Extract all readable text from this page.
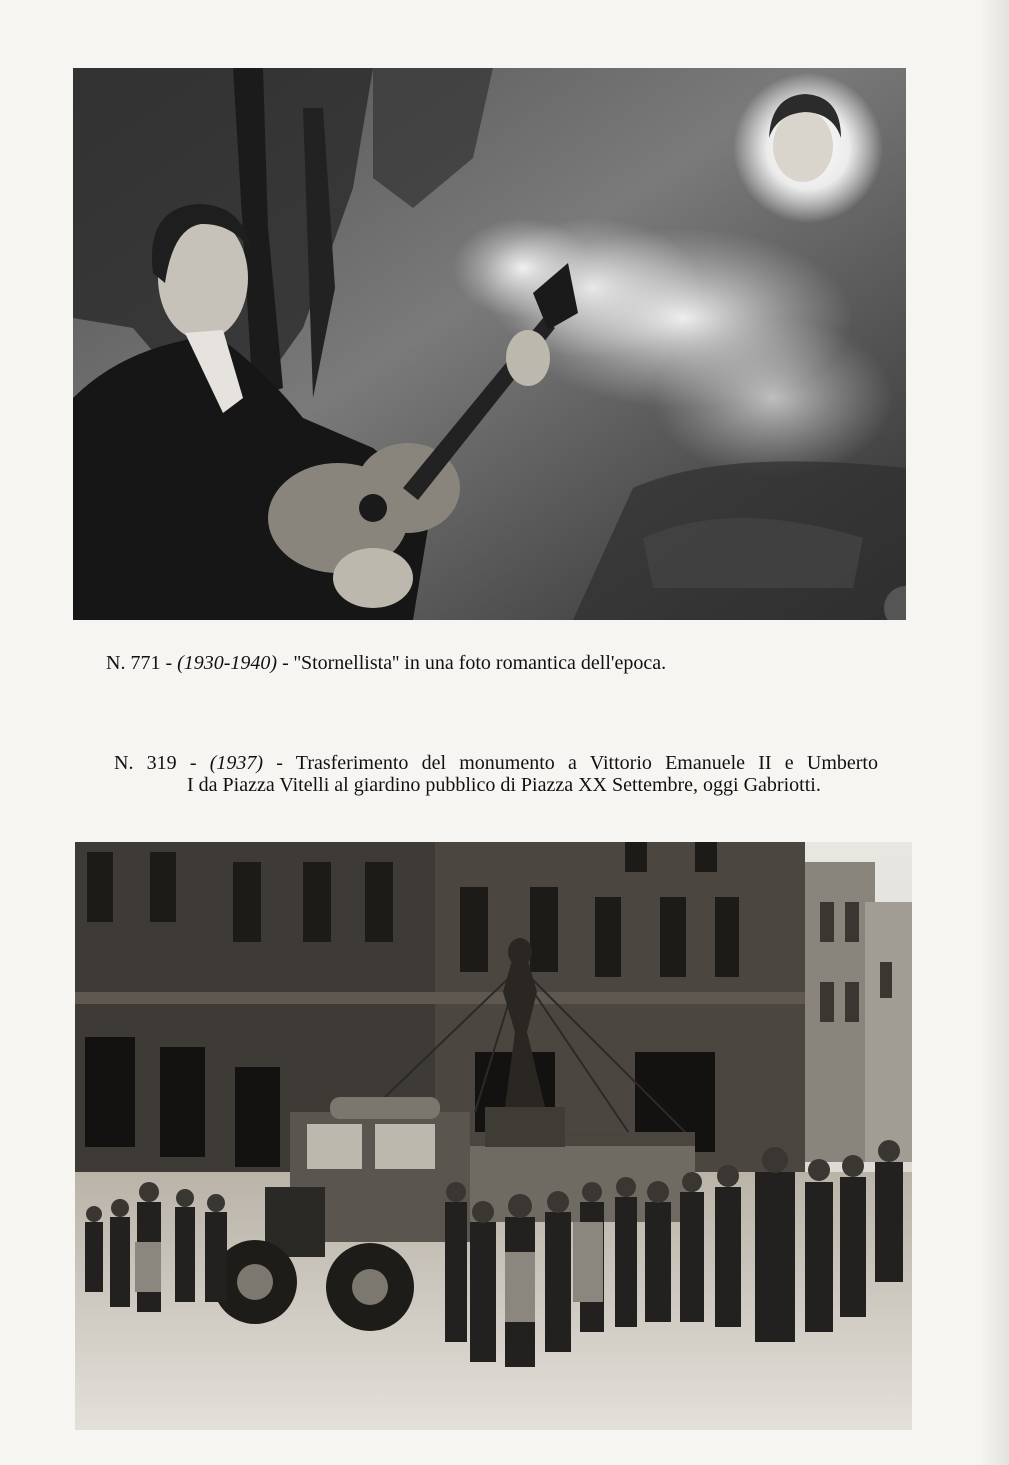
N. 771 - (1930-1940) - ''Stornellista'' in una foto romantica dell'epoca.
N. 319 - (1937) - Trasferimento del monumento a Vittorio Emanuele II e Umberto
I da Piazza Vitelli al giardino pubblico di Piazza XX Settembre, oggi Gabriotti.
